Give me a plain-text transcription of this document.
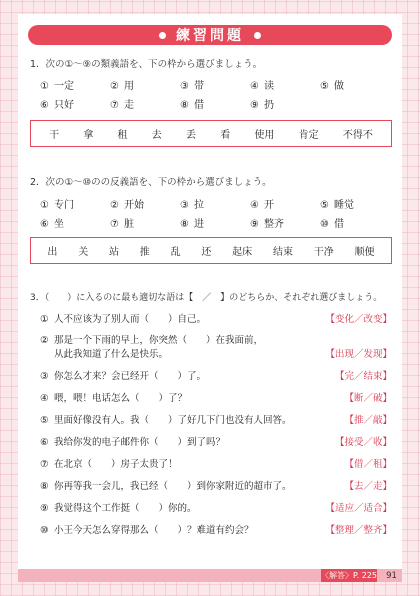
練習問題
1．次の①～⑨の類義語を、下の枠から選びましょう。
① 一定	② 用	③ 带	④ 读	⑤ 做
⑥ 只好	⑦ 走	⑧ 借	⑨ 扔
干 拿 租 去 丢 看 使用 肯定 不得不
2．次の①～⑩のの反義語を、下の枠から選びましょう。
① 专门	② 开始	③ 拉	④ 开	⑤ 睡觉
⑥ 坐	⑦ 脏	⑧ 进	⑨ 整齐	⑩ 借
出 关 站 推 乱 还 起床 结束 干净 顺便
3．（　　）に入るのに最も適切な語は【　／　】のどちらか、それぞれ選びましょう。
① 人不应该为了别人而（　　）自己。	【变化／改变】
② 那是一个下雨的早上，你突然（　　）在我面前，
从此我知道了什么是快乐。	【出现／发现】
③ 你怎么才来？会已经开（　　）了。	【完／结束】
④ 喂，喂！电话怎么（　　）了？	【断／破】
⑤ 里面好像没有人。我（　　）了好几下门也没有人回答。	【推／敲】
⑥ 我给你发的电子邮件你（　　）到了吗？	【接受／收】
⑦ 在北京（　　）房子太贵了！	【借／租】
⑧ 你再等我一会儿，我已经（　　）到你家附近的超市了。	【去／走】
⑨ 我觉得这个工作挺（　　）你的。	【适应／适合】
⑩ 小王今天怎么穿得那么（　　）？难道有约会？	【整理／整齐】
〈解答〉P. 225	91
